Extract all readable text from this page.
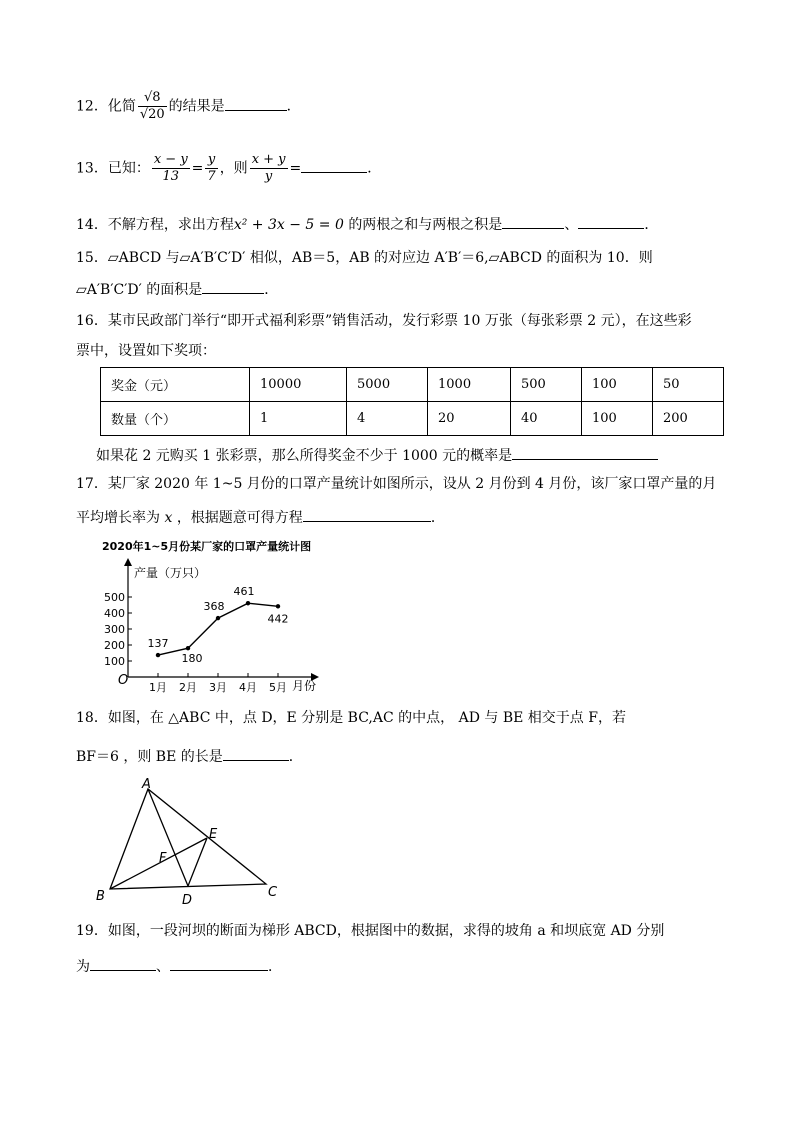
12．化简 $\frac{√8}{√20}$ 的结果是	．
13．已知： $\frac{x - y}{13} = \frac{y}{7}$ ，则 $\frac{x + y}{y}$ =	．
14．不解方程，求出方程x² + 3x − 5 = 0 的两根之和与两根之积是	、	．
15．▱ABCD 与▱A′B′C′D′ 相似，AB＝5，AB 的对应边 A′B′＝6,▱ABCD 的面积为 10．则
▱A′B′C′D′ 的面积是	．
16．某市民政部门举行“即开式福利彩票”销售活动，发行彩票 10 万张（每张彩票 2 元），在这些彩
票中，设置如下奖项：
奖金（元）	10000	5000	1000	500	100	50
数量（个）	1	4	20	40	100	200
如果花 2 元购买 1 张彩票，那么所得奖金不少于 1000 元的概率是
17．某厂家 2020 年 1~5 月份的口罩产量统计如图所示，设从 2 月份到 4 月份，该厂家口罩产量的月
平均增长率为 x ，根据题意可得方程	．
2020年1~5月份某厂家的口罩产量统计图
产量（万只）
月份
O
100
200
300
400
500
1月 2月 3月 4月 5月
137
180
368
461
442
18．如图，在 △ABC 中，点 D，E 分别是 BC,AC 的中点， AD 与 BE 相交于点 F，若
BF＝6 ，则 BE 的长是	．
A
B	C
D
E
F
19．如图，一段河坝的断面为梯形 ABCD，根据图中的数据，求得的坡角 a 和坝底宽 AD 分别
为	、	．
